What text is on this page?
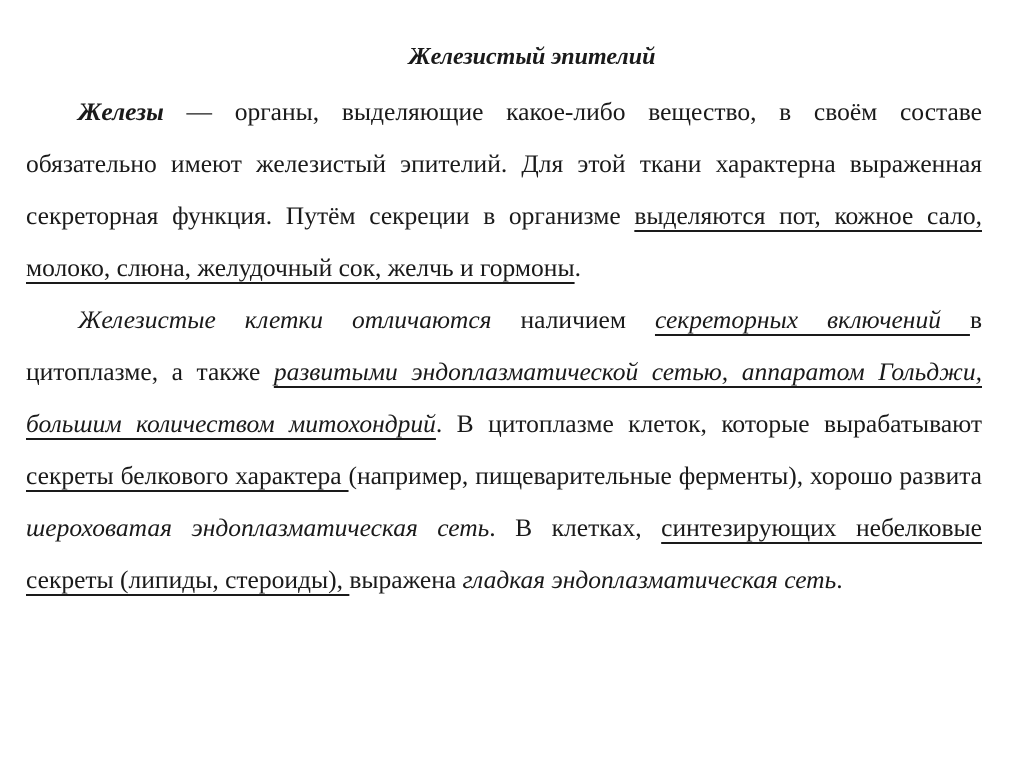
Железистый эпителий

Железы — органы, выделяющие какое-либо вещество, в своём составе обязательно имеют железистый эпителий. Для этой ткани характерна выраженная секреторная функция. Путём секреции в организме выделяются пот, кожное сало, молоко, слюна, желудочный сок, желчь и гормоны.

Железистые клетки отличаются наличием секреторных включений в цитоплазме, а также развитыми эндоплазматической сетью, аппаратом Гольджи, большим количеством митохондрий. В цитоплазме клеток, которые вырабатывают секреты белкового характера (например, пищеварительные ферменты), хорошо развита шероховатая эндоплазматическая сеть. В клетках, синтезирующих небелковые секреты (липиды, стероиды), выражена гладкая эндоплазматическая сеть.
